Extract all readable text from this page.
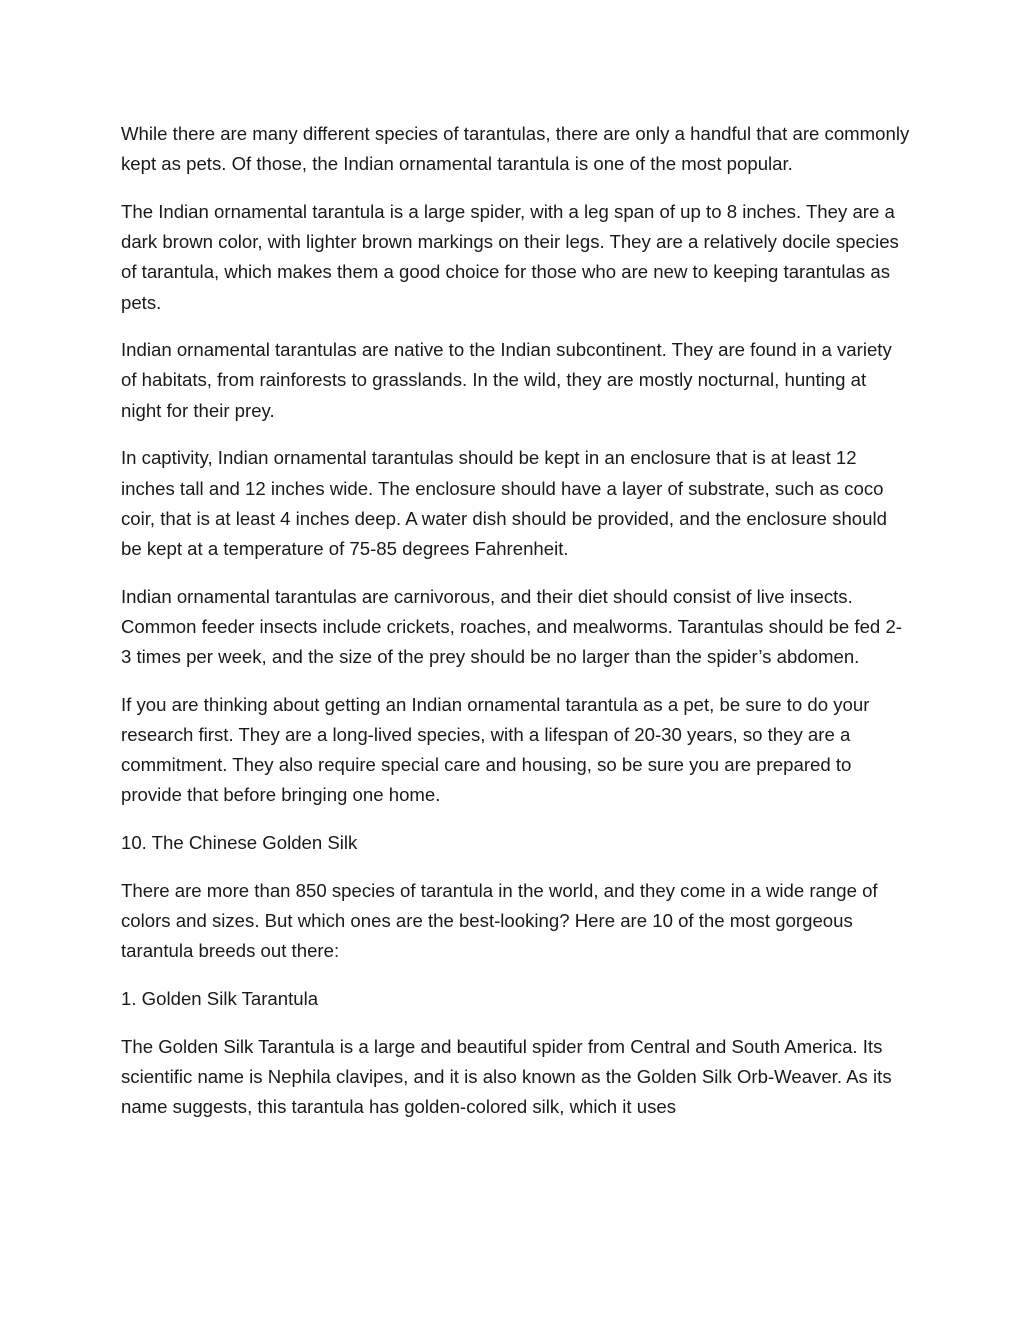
While there are many different species of tarantulas, there are only a handful that are commonly kept as pets. Of those, the Indian ornamental tarantula is one of the most popular.

The Indian ornamental tarantula is a large spider, with a leg span of up to 8 inches. They are a dark brown color, with lighter brown markings on their legs. They are a relatively docile species of tarantula, which makes them a good choice for those who are new to keeping tarantulas as pets.

Indian ornamental tarantulas are native to the Indian subcontinent. They are found in a variety of habitats, from rainforests to grasslands. In the wild, they are mostly nocturnal, hunting at night for their prey.

In captivity, Indian ornamental tarantulas should be kept in an enclosure that is at least 12 inches tall and 12 inches wide. The enclosure should have a layer of substrate, such as coco coir, that is at least 4 inches deep. A water dish should be provided, and the enclosure should be kept at a temperature of 75-85 degrees Fahrenheit.

Indian ornamental tarantulas are carnivorous, and their diet should consist of live insects. Common feeder insects include crickets, roaches, and mealworms. Tarantulas should be fed 2-3 times per week, and the size of the prey should be no larger than the spider’s abdomen.

If you are thinking about getting an Indian ornamental tarantula as a pet, be sure to do your research first. They are a long-lived species, with a lifespan of 20-30 years, so they are a commitment. They also require special care and housing, so be sure you are prepared to provide that before bringing one home.

10. The Chinese Golden Silk

There are more than 850 species of tarantula in the world, and they come in a wide range of colors and sizes. But which ones are the best-looking? Here are 10 of the most gorgeous tarantula breeds out there:

1. Golden Silk Tarantula

The Golden Silk Tarantula is a large and beautiful spider from Central and South America. Its scientific name is Nephila clavipes, and it is also known as the Golden Silk Orb-Weaver. As its name suggests, this tarantula has golden-colored silk, which it uses
